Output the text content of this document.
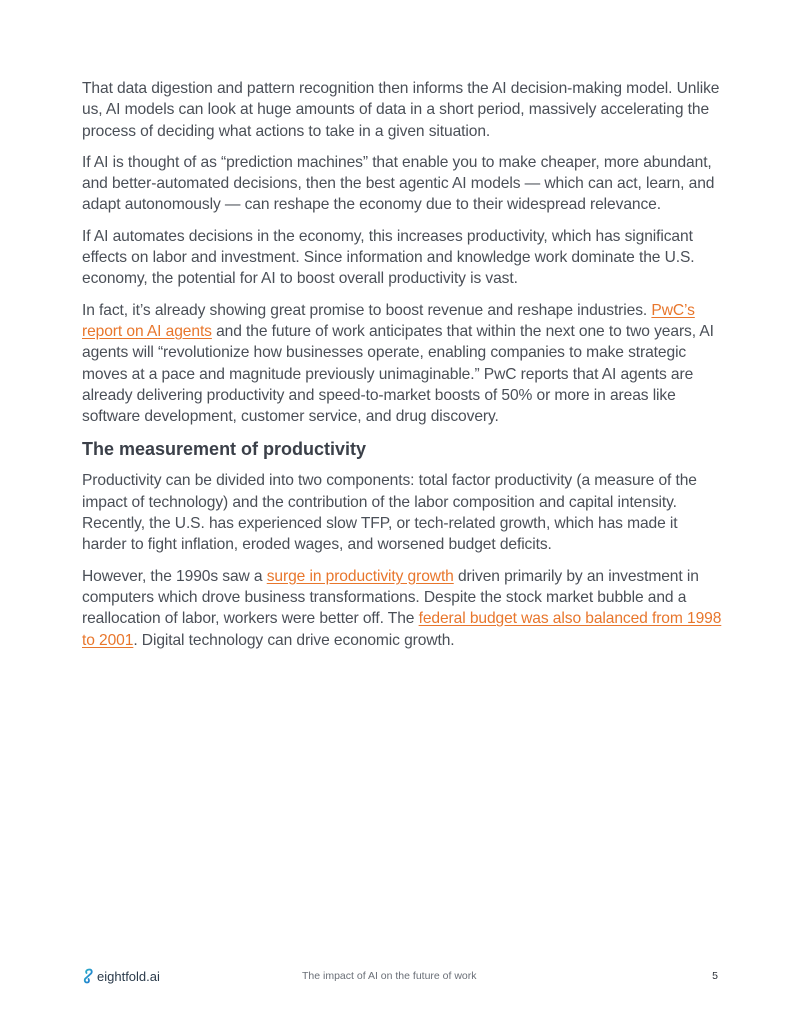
That data digestion and pattern recognition then informs the AI decision-making model. Unlike us, AI models can look at huge amounts of data in a short period, massively accelerating the process of deciding what actions to take in a given situation.

If AI is thought of as “prediction machines” that enable you to make cheaper, more abundant, and better-automated decisions, then the best agentic AI models — which can act, learn, and adapt autonomously — can reshape the economy due to their widespread relevance.

If AI automates decisions in the economy, this increases productivity, which has significant effects on labor and investment. Since information and knowledge work dominate the U.S. economy, the potential for AI to boost overall productivity is vast.

In fact, it’s already showing great promise to boost revenue and reshape industries. PwC’s report on AI agents and the future of work anticipates that within the next one to two years, AI agents will “revolutionize how businesses operate, enabling companies to make strategic moves at a pace and magnitude previously unimaginable.” PwC reports that AI agents are already delivering productivity and speed-to-market boosts of 50% or more in areas like software development, customer service, and drug discovery.

The measurement of productivity

Productivity can be divided into two components: total factor productivity (a measure of the impact of technology) and the contribution of the labor composition and capital intensity. Recently, the U.S. has experienced slow TFP, or tech-related growth, which has made it harder to fight inflation, eroded wages, and worsened budget deficits.

However, the 1990s saw a surge in productivity growth driven primarily by an investment in computers which drove business transformations. Despite the stock market bubble and a reallocation of labor, workers were better off. The federal budget was also balanced from 1998 to 2001. Digital technology can drive economic growth.

eightfold.ai	The impact of AI on the future of work	5
